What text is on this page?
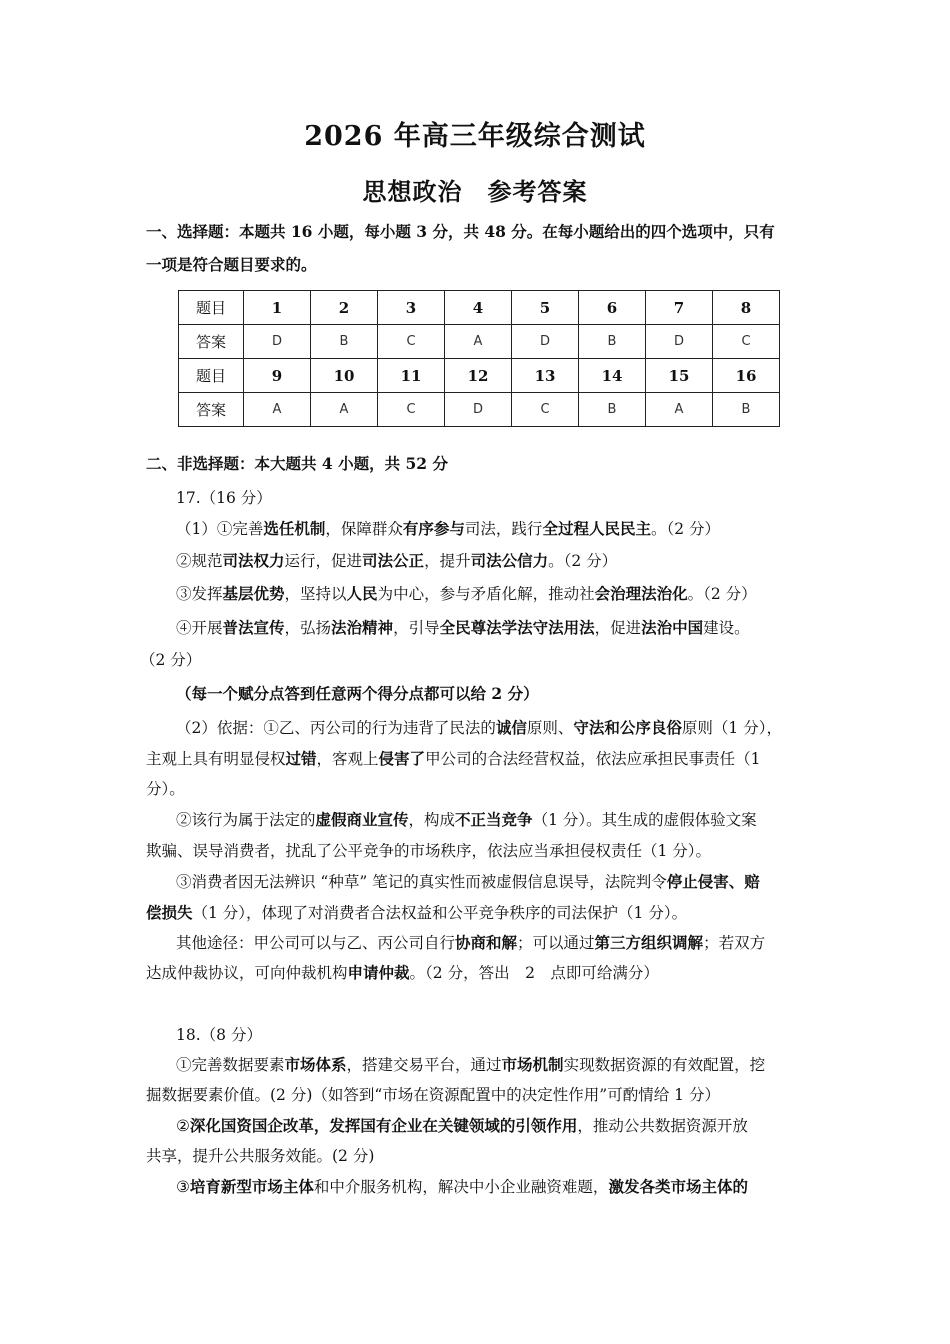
2026 年高三年级综合测试
思想政治　参考答案
一、选择题：本题共 16 小题，每小题 3 分，共 48 分。在每小题给出的四个选项中，只有
一项是符合题目要求的。
题目	1	2	3	4	5	6	7	8
答案	D	B	C	A	D	B	D	C
题目	9	10	11	12	13	14	15	16
答案	A	A	C	D	C	B	A	B
二、非选择题：本大题共 4 小题，共 52 分
17.（16 分）
（1）①完善选任机制，保障群众有序参与司法，践行全过程人民民主。（2 分）
②规范司法权力运行，促进司法公正，提升司法公信力。（2 分）
③发挥基层优势，坚持以人民为中心，参与矛盾化解，推动社会治理法治化。（2 分）
④开展普法宣传，弘扬法治精神，引导全民尊法学法守法用法，促进法治中国建设。
（2 分）
（每一个赋分点答到任意两个得分点都可以给 2 分）
（2）依据：①乙、丙公司的行为违背了民法的诚信原则、守法和公序良俗原则（1 分），
主观上具有明显侵权过错，客观上侵害了甲公司的合法经营权益，依法应承担民事责任（1
分）。
②该行为属于法定的虚假商业宣传，构成不正当竞争（1 分）。其生成的虚假体验文案
欺骗、误导消费者，扰乱了公平竞争的市场秩序，依法应当承担侵权责任（1 分）。
③消费者因无法辨识 “种草” 笔记的真实性而被虚假信息误导，法院判令停止侵害、赔
偿损失（1 分），体现了对消费者合法权益和公平竞争秩序的司法保护（1 分）。
其他途径：甲公司可以与乙、丙公司自行协商和解；可以通过第三方组织调解；若双方
达成仲裁协议，可向仲裁机构申请仲裁。（2 分，答出　2　点即可给满分）
18.（8 分）
①完善数据要素市场体系，搭建交易平台，通过市场机制实现数据资源的有效配置，挖
掘数据要素价值。(2 分)（如答到“市场在资源配置中的决定性作用”可酌情给 1 分）
②深化国资国企改革，发挥国有企业在关键领域的引领作用，推动公共数据资源开放
共享，提升公共服务效能。(2 分)
③培育新型市场主体和中介服务机构，解决中小企业融资难题，激发各类市场主体的
